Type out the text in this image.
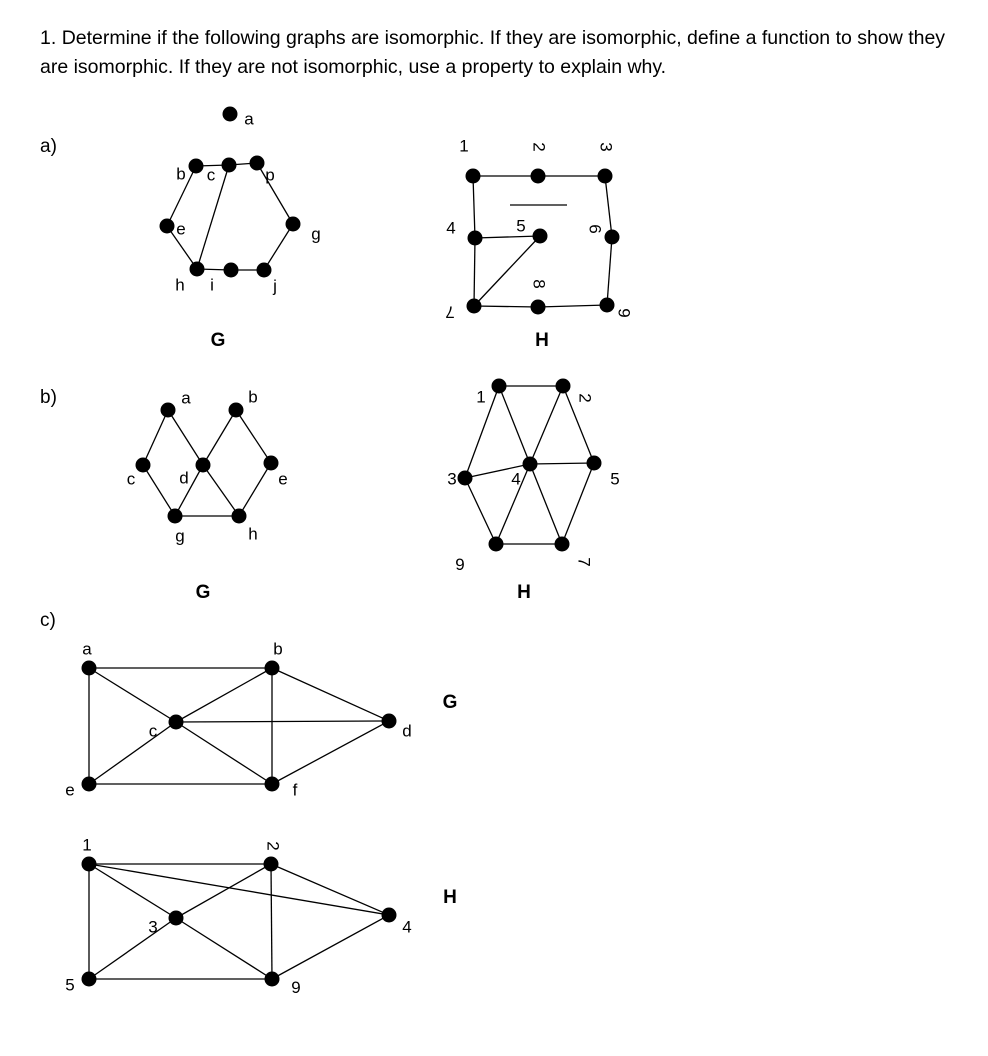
1. Determine if the following graphs are isomorphic. If they are isomorphic, define a function to show they are isomorphic. If they are not isomorphic, use a property to explain why.
a)
b)
c)
a
b c	d
e	g
h i	j
G
1	2	3
4	5	6
7
8
9
H
a	b
c	d	e
g	h
G
1	2
3	4	5
6	7
H
a	b
c	d
e	f
G
1	2
3	4
5	6
H
